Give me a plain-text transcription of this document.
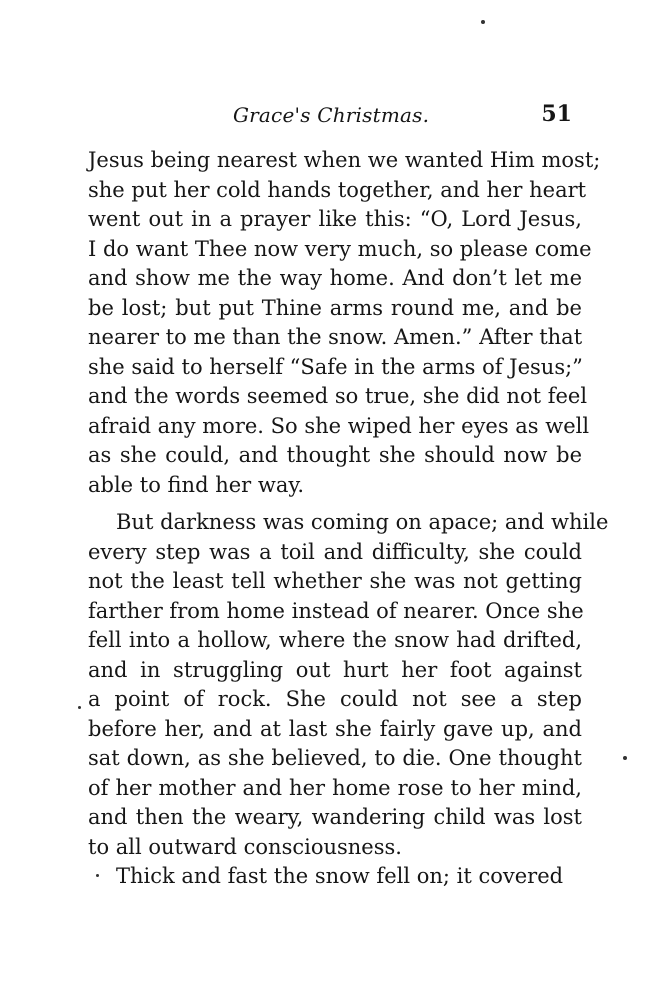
Grace's Christmas.	51
Jesus being nearest when we wanted Him most;
she put her cold hands together, and her heart
went out in a prayer like this: “O, Lord Jesus,
I do want Thee now very much, so please come
and show me the way home. And don’t let me
be lost; but put Thine arms round me, and be
nearer to me than the snow. Amen.” After that
she said to herself “Safe in the arms of Jesus;”
and the words seemed so true, she did not feel
afraid any more. So she wiped her eyes as well
as she could, and thought she should now be
able to find her way.
But darkness was coming on apace; and while
every step was a toil and difficulty, she could
not the least tell whether she was not getting
farther from home instead of nearer. Once she
fell into a hollow, where the snow had drifted,
and in struggling out hurt her foot against
a point of rock. She could not see a step
before her, and at last she fairly gave up, and
sat down, as she believed, to die. One thought
of her mother and her home rose to her mind,
and then the weary, wandering child was lost
to all outward consciousness.
Thick and fast the snow fell on; it covered
